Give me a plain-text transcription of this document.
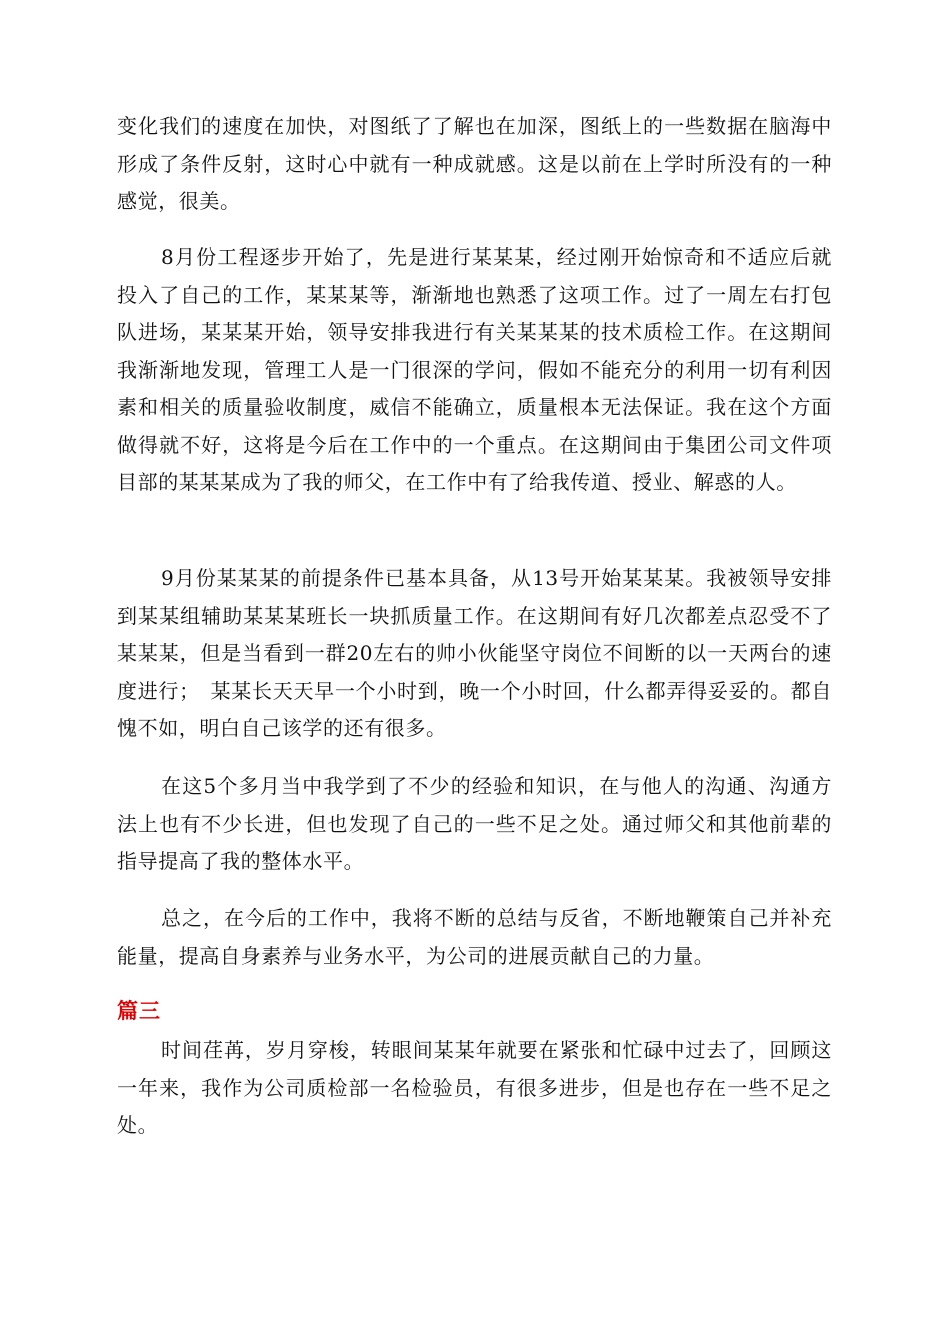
变化我们的速度在加快，对图纸了了解也在加深，图纸上的一些数据在脑海中形成了条件反射，这时心中就有一种成就感。这是以前在上学时所没有的一种感觉，很美。

8月份工程逐步开始了，先是进行某某某，经过刚开始惊奇和不适应后就投入了自己的工作，某某某等，渐渐地也熟悉了这项工作。过了一周左右打包队进场，某某某开始，领导安排我进行有关某某某的技术质检工作。在这期间我渐渐地发现，管理工人是一门很深的学问，假如不能充分的利用一切有利因素和相关的质量验收制度，威信不能确立，质量根本无法保证。我在这个方面做得就不好，这将是今后在工作中的一个重点。在这期间由于集团公司文件项目部的某某某成为了我的师父，在工作中有了给我传道、授业、解惑的人。

9月份某某某的前提条件已基本具备，从13号开始某某某。我被领导安排到某某组辅助某某某班长一块抓质量工作。在这期间有好几次都差点忍受不了某某某，但是当看到一群20左右的帅小伙能坚守岗位不间断的以一天两台的速度进行；　某某长天天早一个小时到，晚一个小时回，什么都弄得妥妥的。都自愧不如，明白自己该学的还有很多。

在这5个多月当中我学到了不少的经验和知识，在与他人的沟通、沟通方法上也有不少长进，但也发现了自己的一些不足之处。通过师父和其他前辈的指导提高了我的整体水平。

总之，在今后的工作中，我将不断的总结与反省，不断地鞭策自己并补充能量，提高自身素养与业务水平，为公司的进展贡献自己的力量。

篇三

时间荏苒，岁月穿梭，转眼间某某年就要在紧张和忙碌中过去了，回顾这一年来，我作为公司质检部一名检验员，有很多进步，但是也存在一些不足之处。
